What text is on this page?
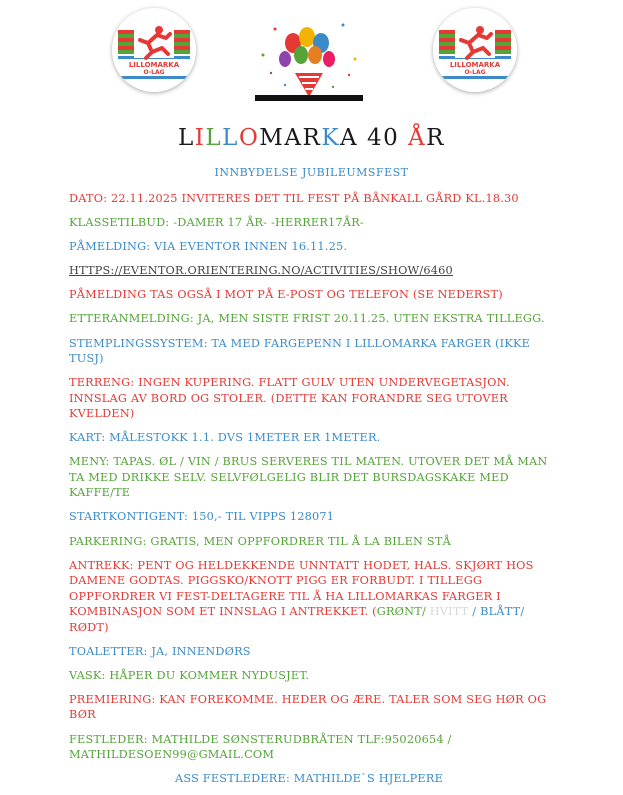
LILLOMARKA
O-LAG
LILLOMARKA
O-LAG
LILLOMARKA 40 ÅR
INNBYDELSE JUBILEUMSFEST

DATO: 22.11.2025 INVITERES DET TIL FEST PÅ BÅNKALL GÅRD KL.18.30

KLASSETILBUD: -DAMER 17 ÅR- -HERRER17ÅR-

PÅMELDING: VIA EVENTOR INNEN 16.11.25.

HTTPS://EVENTOR.ORIENTERING.NO/ACTIVITIES/SHOW/6460

PÅMELDING TAS OGSÅ I MOT PÅ E-POST OG TELEFON (SE NEDERST)

ETTERANMELDING: JA, MEN SISTE FRIST 20.11.25. UTEN EKSTRA TILLEGG.

STEMPLINGSSYSTEM: TA MED FARGEPENN I LILLOMARKA FARGER (IKKE TUSJ)

TERRENG: INGEN KUPERING. FLATT GULV UTEN UNDERVEGETASJON. INNSLAG AV BORD OG STOLER. (DETTE KAN FORANDRE SEG UTOVER KVELDEN)

KART: MÅLESTOKK 1.1. DVS 1METER ER 1METER.

MENY: TAPAS. ØL / VIN / BRUS SERVERES TIL MATEN. UTOVER DET MÅ MAN TA MED DRIKKE SELV. SELVFØLGELIG BLIR DET BURSDAGSKAKE MED KAFFE/TE

STARTKONTIGENT: 150,- TIL VIPPS 128071

PARKERING: GRATIS, MEN OPPFORDRER TIL Å LA BILEN STÅ

ANTREKK: PENT OG HELDEKKENDE UNNTATT HODET, HALS. SKJØRT HOS DAMENE GODTAS. PIGGSKO/KNOTT PIGG ER FORBUDT. I TILLEGG OPPFORDRER VI FEST-DELTAGERE TIL Å HA LILLOMARKAS FARGER I KOMBINASJON SOM ET INNSLAG I ANTREKKET. (GRØNT/ HVITT / BLÅTT/ RØDT)

TOALETTER: JA, INNENDØRS

VASK: HÅPER DU KOMMER NYDUSJET.

PREMIERING: KAN FOREKOMME. HEDER OG ÆRE. TALER SOM SEG HØR OG BØR

FESTLEDER: MATHILDE SØNSTERUDBRÅTEN TLF:95020654 / MATHILDESOEN99@GMAIL.COM

ASS FESTLEDERE: MATHILDE`S HJELPERE
